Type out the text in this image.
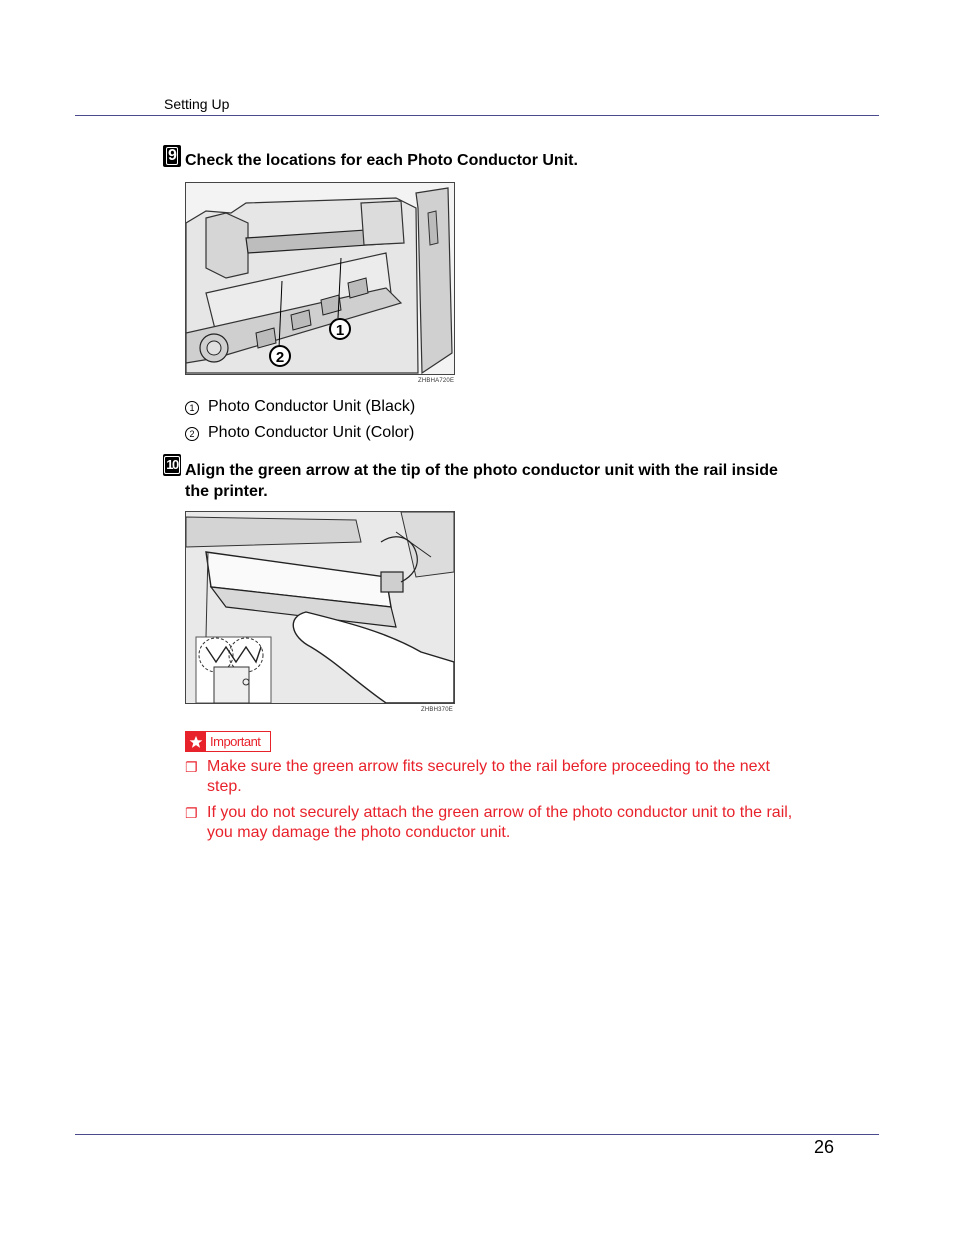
Setting Up
9 Check the locations for each Photo Conductor Unit.
1
2
ZHBHA720E
1 Photo Conductor Unit (Black)
2 Photo Conductor Unit (Color)
10 Align the green arrow at the tip of the photo conductor unit with the rail inside the printer.
ZHBH370E
Important
❐ Make sure the green arrow fits securely to the rail before proceeding to the next step.
❐ If you do not securely attach the green arrow of the photo conductor unit to the rail, you may damage the photo conductor unit.
26
